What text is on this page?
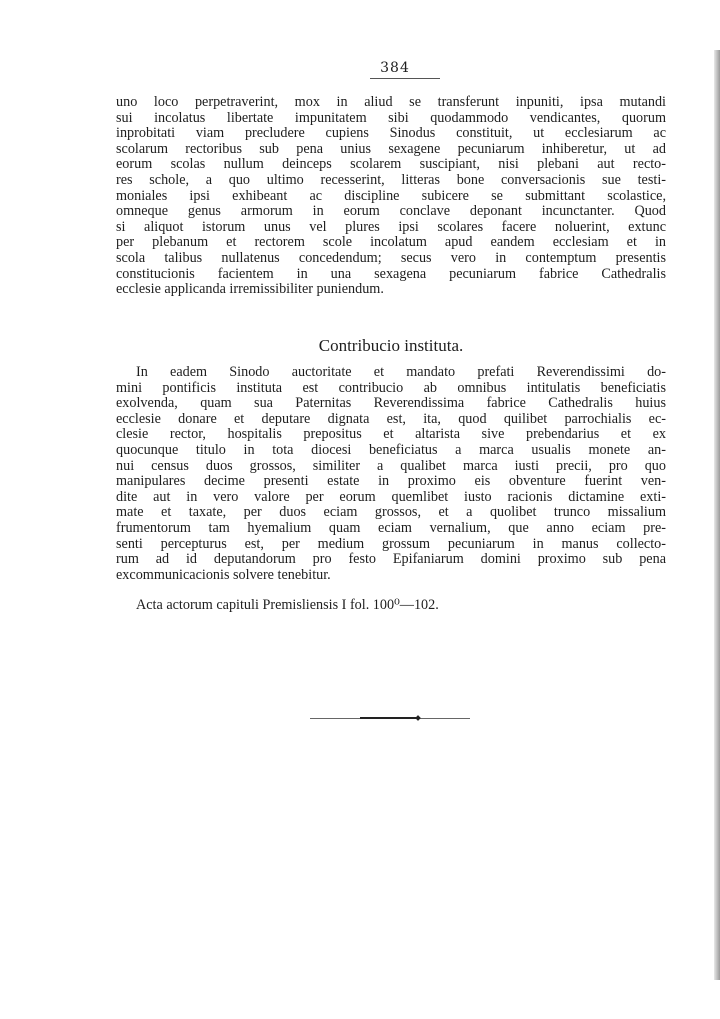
384
uno loco perpetraverint, mox in aliud se transferunt inpuniti, ipsa mutandi
sui incolatus libertate impunitatem sibi quodammodo vendicantes, quorum
inprobitati viam precludere cupiens Sinodus constituit, ut ecclesiarum ac
scolarum rectoribus sub pena unius sexagene pecuniarum inhiberetur, ut ad
eorum scolas nullum deinceps scolarem suscipiant, nisi plebani aut recto-
res schole, a quo ultimo recesserint, litteras bone conversacionis sue testi-
moniales ipsi exhibeant ac discipline subicere se submittant scolastice,
omneque genus armorum in eorum conclave deponant incunctanter. Quod
si aliquot istorum unus vel plures ipsi scolares facere noluerint, extunc
per plebanum et rectorem scole incolatum apud eandem ecclesiam et in
scola talibus nullatenus concedendum; secus vero in contemptum presentis
constitucionis facientem in una sexagena pecuniarum fabrice Cathedralis
ecclesie applicanda irremissibiliter puniendum.
Contribucio instituta.
In eadem Sinodo auctoritate et mandato prefati Reverendissimi do-
mini pontificis instituta est contribucio ab omnibus intitulatis beneficiatis
exolvenda, quam sua Paternitas Reverendissima fabrice Cathedralis huius
ecclesie donare et deputare dignata est, ita, quod quilibet parrochialis ec-
clesie rector, hospitalis prepositus et altarista sive prebendarius et ex
quocunque titulo in tota diocesi beneficiatus a marca usualis monete an-
nui census duos grossos, similiter a qualibet marca iusti precii, pro quo
manipulares decime presenti estate in proximo eis obventure fuerint ven-
dite aut in vero valore per eorum quemlibet iusto racionis dictamine exti-
mate et taxate, per duos eciam grossos, et a quolibet trunco missalium
frumentorum tam hyemalium quam eciam vernalium, que anno eciam pre-
senti percepturus est, per medium grossum pecuniarum in manus collecto-
rum ad id deputandorum pro festo Epifaniarum domini proximo sub pena
excommunicacionis solvere tenebitur.
Acta actorum capituli Premisliensis I fol. 100⁰—102.
